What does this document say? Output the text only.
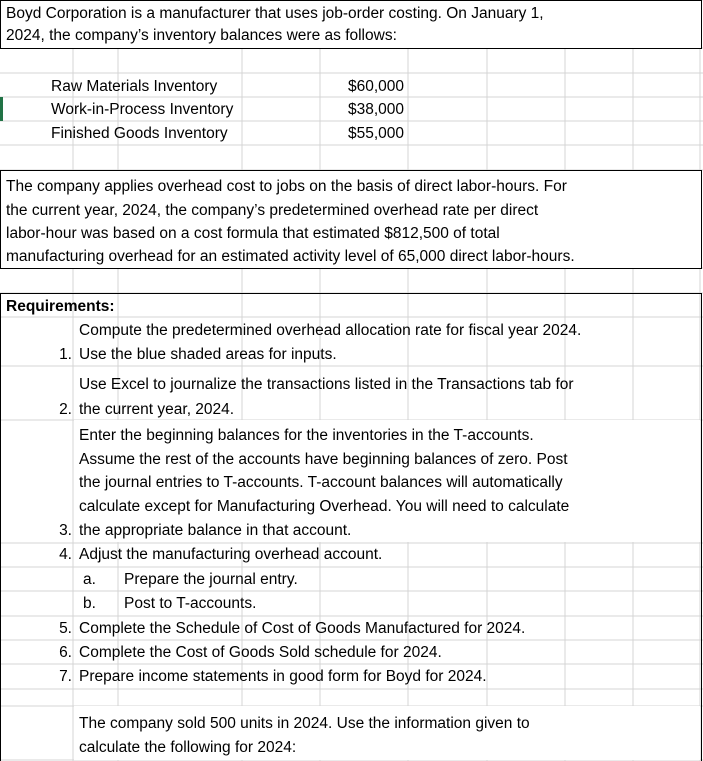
Boyd Corporation is a manufacturer that uses job-order costing. On January 1,
2024, the company’s inventory balances were as follows:
Raw Materials Inventory	$60,000
Work-in-Process Inventory	$38,000
Finished Goods Inventory	$55,000
The company applies overhead cost to jobs on the basis of direct labor-hours. For
the current year, 2024, the company’s predetermined overhead rate per direct
labor-hour was based on a cost formula that estimated $812,500 of total
manufacturing overhead for an estimated activity level of 65,000 direct labor-hours.
Requirements:
Compute the predetermined overhead allocation rate for fiscal year 2024.
1. Use the blue shaded areas for inputs.
Use Excel to journalize the transactions listed in the Transactions tab for
2. the current year, 2024.
Enter the beginning balances for the inventories in the T-accounts.
Assume the rest of the accounts have beginning balances of zero. Post
the journal entries to T-accounts. T-account balances will automatically
calculate except for Manufacturing Overhead. You will need to calculate
3. the appropriate balance in that account.
4. Adjust the manufacturing overhead account.
a. Prepare the journal entry.
b. Post to T-accounts.
5. Complete the Schedule of Cost of Goods Manufactured for 2024.
6. Complete the Cost of Goods Sold schedule for 2024.
7. Prepare income statements in good form for Boyd for 2024.
The company sold 500 units in 2024. Use the information given to
calculate the following for 2024:
